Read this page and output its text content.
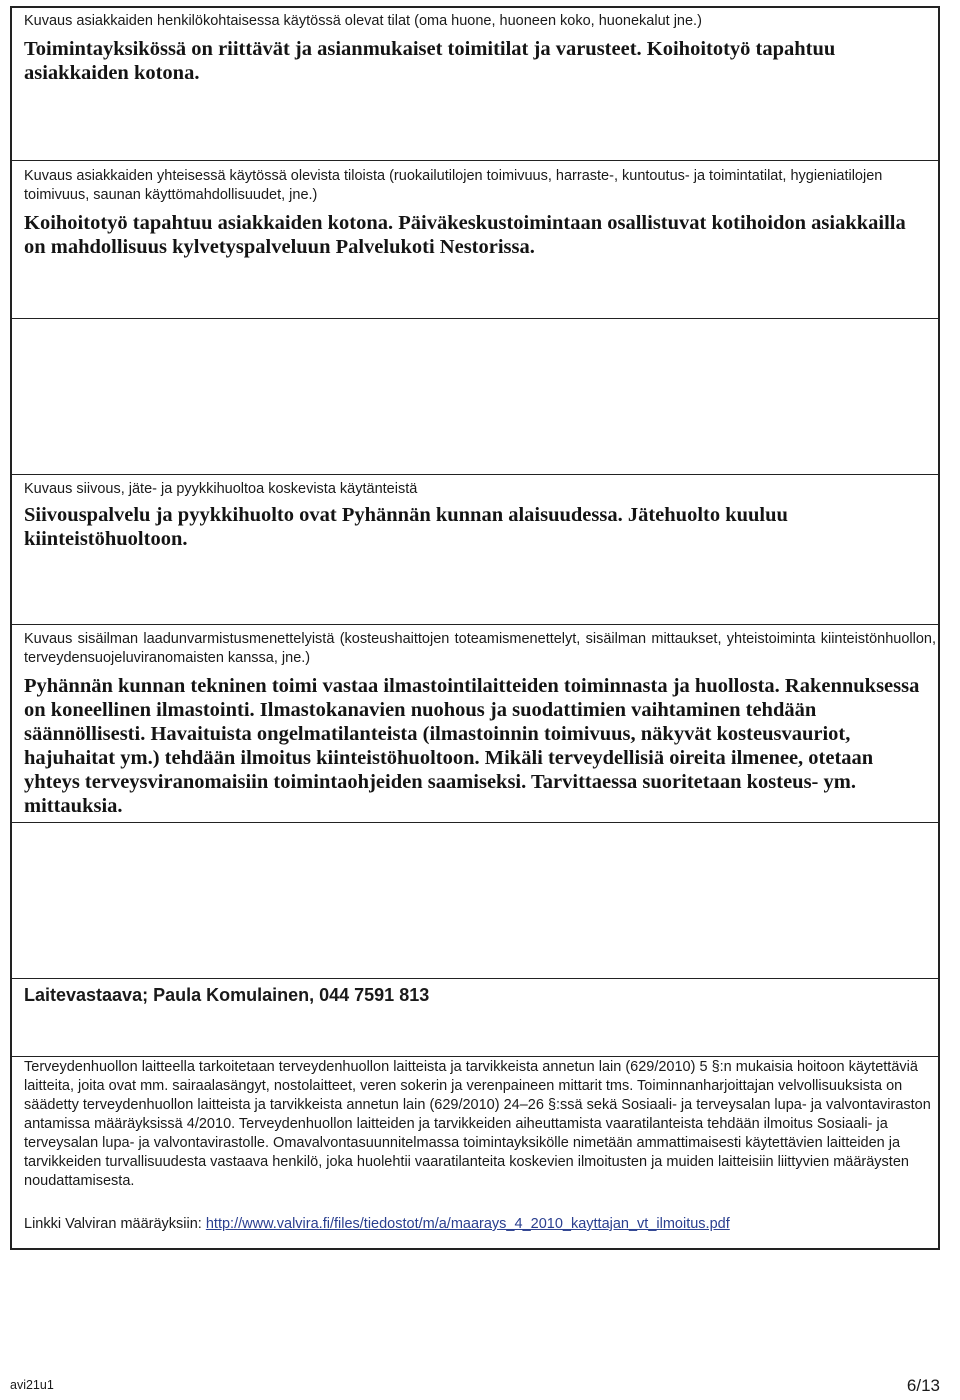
Kuvaus asiakkaiden henkilökohtaisessa käytössä olevat tilat (oma huone, huoneen koko, huonekalut jne.)
Toimintayksikössä on riittävät ja asianmukaiset toimitilat ja varusteet. Koihoitotyö tapahtuu asiakkaiden kotona.
Kuvaus asiakkaiden yhteisessä käytössä olevista tiloista (ruokailutilojen toimivuus, harraste-, kuntoutus- ja toimintatilat, hygieniatilojen toimivuus, saunan käyttömahdollisuudet, jne.)
Koihoitotyö tapahtuu asiakkaiden kotona. Päiväkeskustoimintaan osallistuvat kotihoidon asiakkailla on mahdollisuus kylvetyspalveluun Palvelukoti Nestorissa.
Kuvaus siivous, jäte- ja pyykkihuoltoa koskevista käytänteistä
Siivouspalvelu ja pyykkihuolto ovat Pyhännän kunnan alaisuudessa. Jätehuolto kuuluu kiinteistöhuoltoon.
Kuvaus sisäilman laadunvarmistusmenettelyistä (kosteushaittojen toteamismenettelyt, sisäilman mittaukset, yhteistoiminta kiinteistönhuollon, terveydensuojeluviranomaisten kanssa, jne.)
Pyhännän kunnan tekninen toimi vastaa ilmastointilaitteiden toiminnasta ja huollosta. Rakennuksessa on koneellinen ilmastointi. Ilmastokanavien nuohous ja suodattimien vaihtaminen tehdään säännöllisesti. Havaituista ongelmatilanteista (ilmastoinnin toimivuus, näkyvät kosteusvauriot, hajuhaitat ym.) tehdään ilmoitus kiinteistöhuoltoon. Mikäli terveydellisiä oireita ilmenee, otetaan yhteys terveysviranomaisiin toimintaohjeiden saamiseksi. Tarvittaessa suoritetaan kosteus- ym. mittauksia.
Laitevastaava; Paula Komulainen, 044 7591 813
Terveydenhuollon laitteella tarkoitetaan terveydenhuollon laitteista ja tarvikkeista annetun lain (629/2010) 5 §:n mukaisia hoitoon käytettäviä laitteita, joita ovat mm. sairaalasängyt, nostolaitteet, veren sokerin ja verenpaineen mittarit tms. Toiminnanharjoittajan velvollisuuksista on säädetty terveydenhuollon laitteista ja tarvikkeista annetun lain (629/2010) 24–26 §:ssä sekä Sosiaali- ja terveysalan lupa- ja valvontaviraston antamissa määräyksissä 4/2010. Terveydenhuollon laitteiden ja tarvikkeiden aiheuttamista vaaratilanteista tehdään ilmoitus Sosiaali- ja terveysalan lupa- ja valvontavirastolle. Omavalvontasuunnitelmassa toimintayksikölle nimetään ammattimaisesti käytettävien laitteiden ja tarvikkeiden turvallisuudesta vastaava henkilö, joka huolehtii vaaratilanteita koskevien ilmoitusten ja muiden laitteisiin liittyvien määräysten noudattamisesta.
Linkki Valviran määräyksiin: http://www.valvira.fi/files/tiedostot/m/a/maarays_4_2010_kayttajan_vt_ilmoitus.pdf
avi21u1	6/13
